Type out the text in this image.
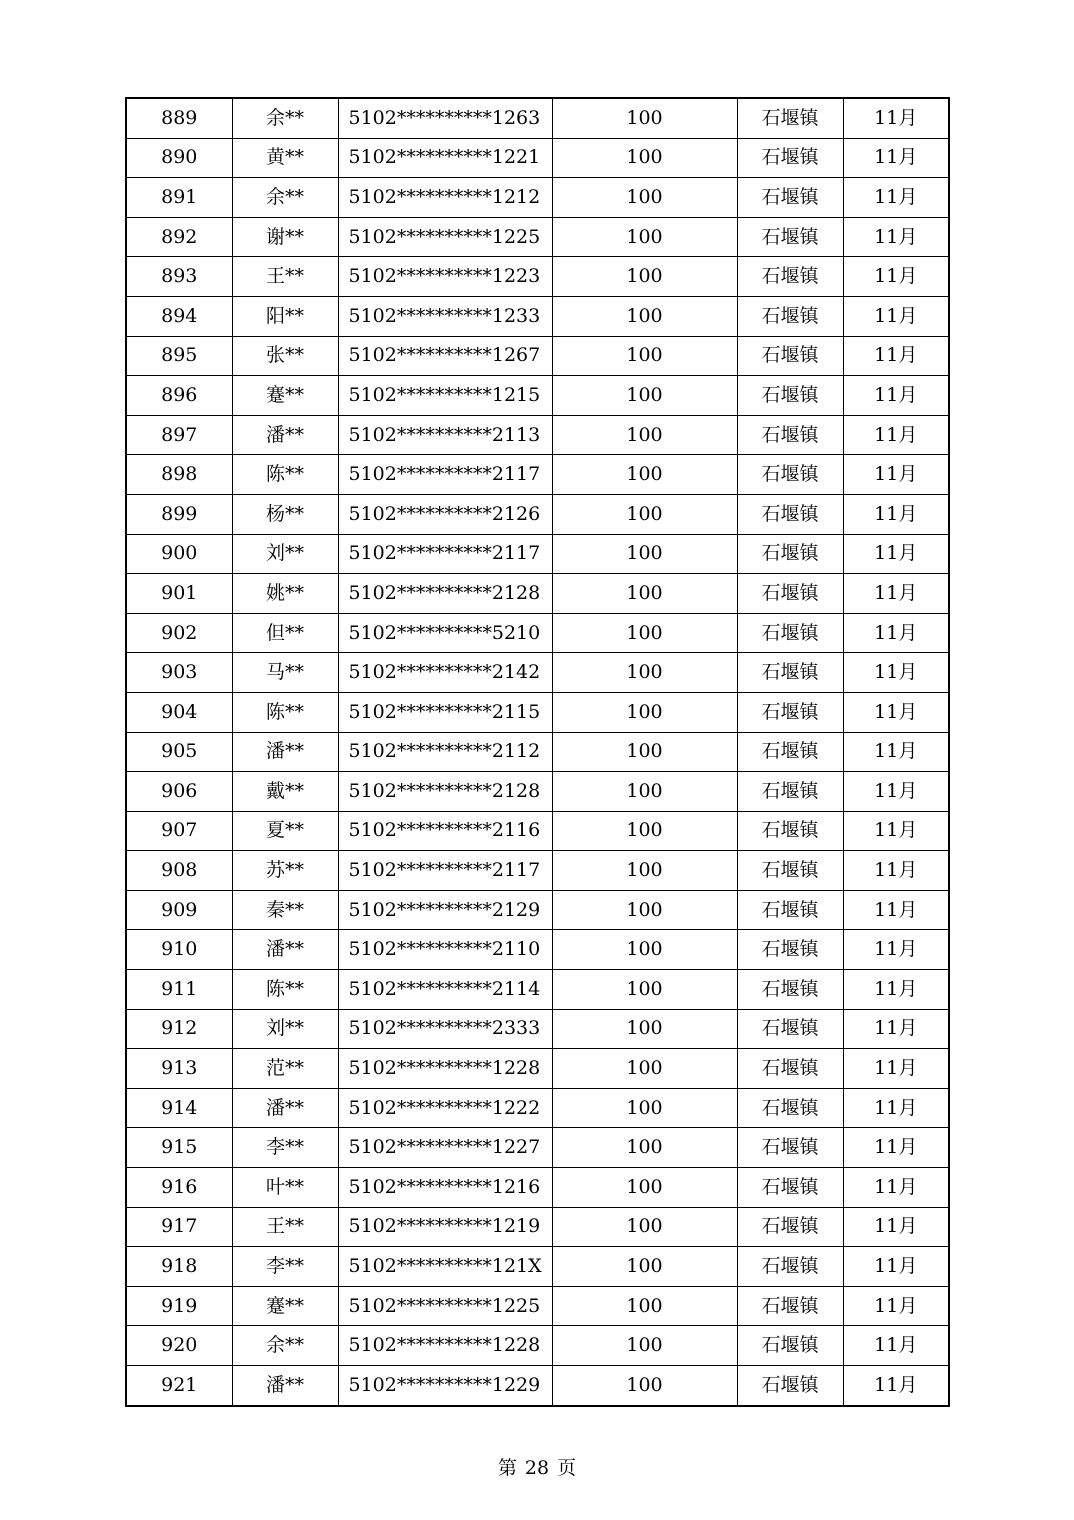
889	余**	5102**********1263	100	石堰镇	11月
890	黄**	5102**********1221	100	石堰镇	11月
891	余**	5102**********1212	100	石堰镇	11月
892	谢**	5102**********1225	100	石堰镇	11月
893	王**	5102**********1223	100	石堰镇	11月
894	阳**	5102**********1233	100	石堰镇	11月
895	张**	5102**********1267	100	石堰镇	11月
896	蹇**	5102**********1215	100	石堰镇	11月
897	潘**	5102**********2113	100	石堰镇	11月
898	陈**	5102**********2117	100	石堰镇	11月
899	杨**	5102**********2126	100	石堰镇	11月
900	刘**	5102**********2117	100	石堰镇	11月
901	姚**	5102**********2128	100	石堰镇	11月
902	但**	5102**********5210	100	石堰镇	11月
903	马**	5102**********2142	100	石堰镇	11月
904	陈**	5102**********2115	100	石堰镇	11月
905	潘**	5102**********2112	100	石堰镇	11月
906	戴**	5102**********2128	100	石堰镇	11月
907	夏**	5102**********2116	100	石堰镇	11月
908	苏**	5102**********2117	100	石堰镇	11月
909	秦**	5102**********2129	100	石堰镇	11月
910	潘**	5102**********2110	100	石堰镇	11月
911	陈**	5102**********2114	100	石堰镇	11月
912	刘**	5102**********2333	100	石堰镇	11月
913	范**	5102**********1228	100	石堰镇	11月
914	潘**	5102**********1222	100	石堰镇	11月
915	李**	5102**********1227	100	石堰镇	11月
916	叶**	5102**********1216	100	石堰镇	11月
917	王**	5102**********1219	100	石堰镇	11月
918	李**	5102**********121X	100	石堰镇	11月
919	蹇**	5102**********1225	100	石堰镇	11月
920	余**	5102**********1228	100	石堰镇	11月
921	潘**	5102**********1229	100	石堰镇	11月
第 28 页
